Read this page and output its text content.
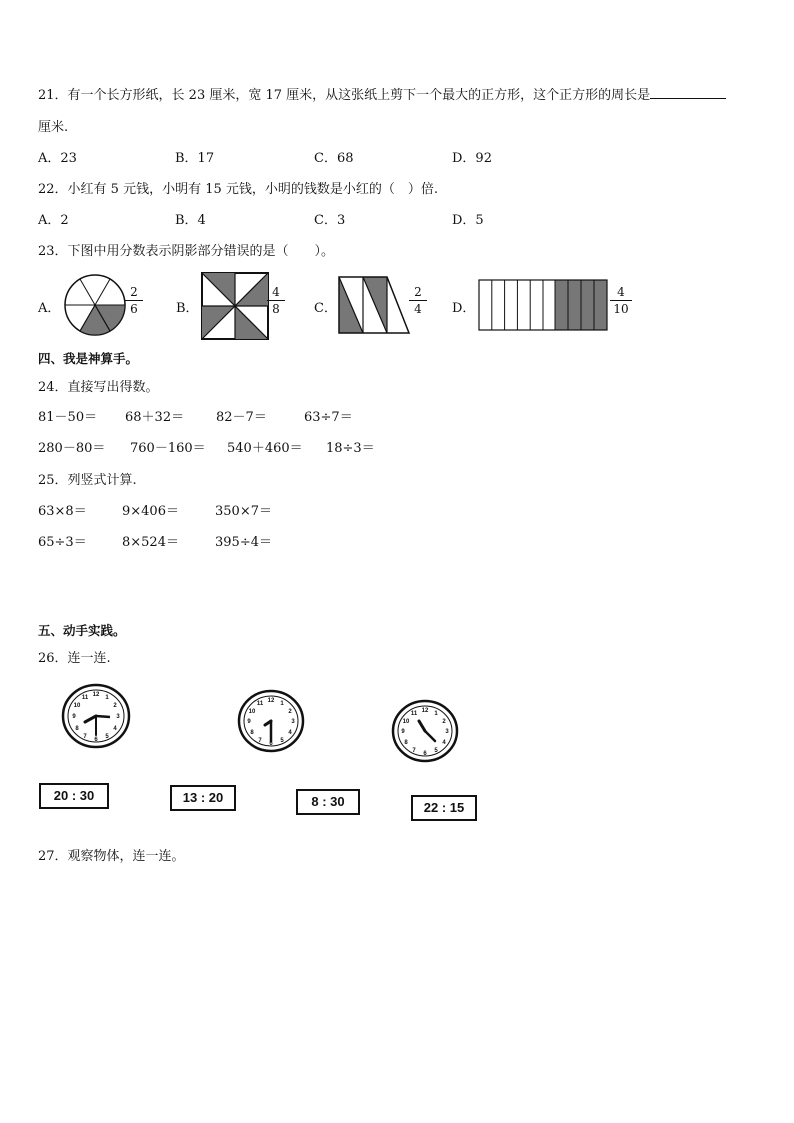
21．有一个长方形纸，长 23 厘米，宽 17 厘米，从这张纸上剪下一个最大的正方形，这个正方形的周长是
厘米.
A．23	B．17	C．68	D．92
22．小红有 5 元钱，小明有 15 元钱，小明的钱数是小红的（　）倍.
A．2	B．4	C．3	D．5
23．下图中用分数表示阴影部分错误的是（　　）。
A．
2
6	B．
4
8	C．
2
4	D．
4
10
四、我是神算手。
24．直接写出得数。
81－50＝ 68＋32＝ 82－7＝	63÷7＝
280－80＝ 760－160＝ 540＋460＝ 18÷3＝
25．列竖式计算.
63×8＝	9×406＝	350×7＝
65÷3＝	8×524＝	395÷4＝
五、动手实践。
26．连一连.
12
3
6
9
1
2
4
5
7
8
10
11	12
3
6
9
1
2
4
5
7
8
10
11
12
3
6
9
1
2
4
5
7
8
10
11
20 : 30	13 : 20	8 : 30	22 : 15
27．观察物体，连一连。
